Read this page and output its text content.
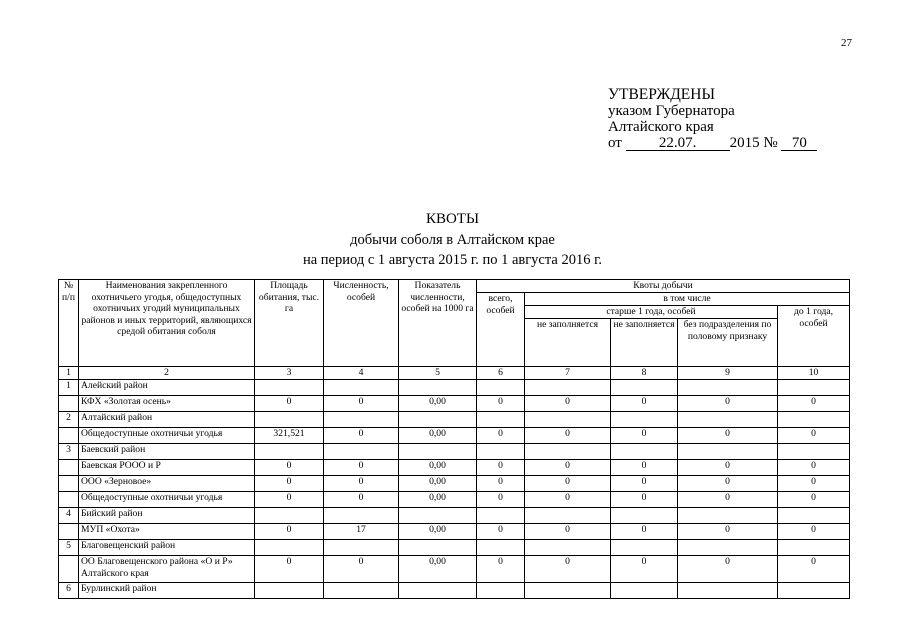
27
УТВЕРЖДЕНЫ
указом Губернатора
Алтайского края
от 22.07. 2015 № 70
КВОТЫ
добычи соболя в Алтайском крае
на период с 1 августа 2015 г. по 1 августа 2016 г.
№ п/п	Наименования закрепленного охотничьего угодья, общедоступных охотничьих угодий муниципальных районов и иных территорий, являющихся средой обитания соболя	Площадь обитания, тыс. га	Численность, особей	Показатель численности, особей на 1000 га	Квоты добычи				
					всего, особей	в том числе			
						старше 1 года, особей			до 1 года, особей
						не заполняется	не заполняется	без подразделения по половому признаку	
1	2	3	4	5	6	7	8	9	10
1	Алейский район								
	КФХ «Золотая осень»	0	0	0,00	0	0	0	0	0
2	Алтайский район								
	Общедоступные охотничьи угодья	321,521	0	0,00	0	0	0	0	0
3	Баевский район								
	Баевская РООО и Р	0	0	0,00	0	0	0	0	0
	ООО «Зерновое»	0	0	0,00	0	0	0	0	0
	Общедоступные охотничьи угодья	0	0	0,00	0	0	0	0	0
4	Бийский район								
	МУП «Охота»	0	17	0,00	0	0	0	0	0
5	Благовещенский район								
	ОО Благовещенского района «О и Р» Алтайского края	0	0	0,00	0	0	0	0	0
6	Бурлинский район								
